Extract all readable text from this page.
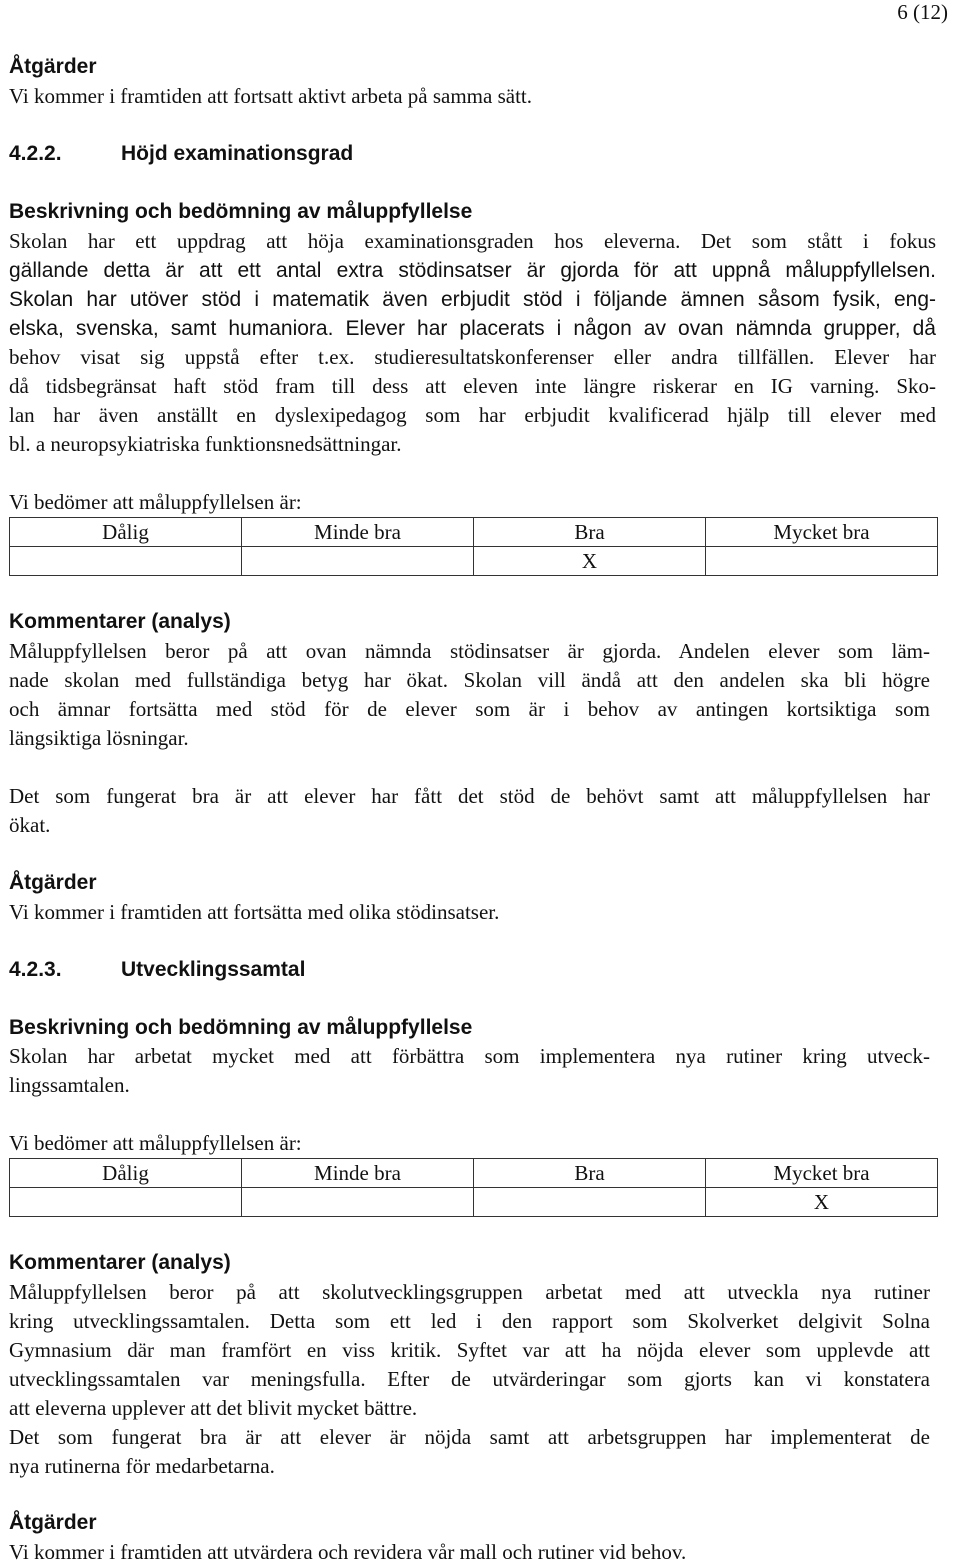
6 (12)
Åtgärder
Vi kommer i framtiden att fortsatt aktivt arbeta på samma sätt.
4.2.2.	Höjd examinationsgrad
Beskrivning och bedömning av måluppfyllelse
Skolan har ett uppdrag att höja examinationsgraden hos eleverna. Det som stått i fokus
gällande detta är att ett antal extra stödinsatser är gjorda för att uppnå måluppfyllelsen.
Skolan har utöver stöd i matematik även erbjudit stöd i följande ämnen såsom fysik, eng-
elska, svenska, samt humaniora. Elever har placerats i någon av ovan nämnda grupper, då
behov visat sig uppstå efter t.ex. studieresultatskonferenser eller andra tillfällen. Elever har
då tidsbegränsat haft stöd fram till dess att eleven inte längre riskerar en IG varning. Sko-
lan har även anställt en dyslexipedagog som har erbjudit kvalificerad hjälp till elever med
bl. a neuropsykiatriska funktionsnedsättningar.
Vi bedömer att måluppfyllelsen är:
Dålig	Minde bra	Bra	Mycket bra
		X	
Kommentarer (analys)
Måluppfyllelsen beror på att ovan nämnda stödinsatser är gjorda. Andelen elever som läm-
nade skolan med fullständiga betyg har ökat. Skolan vill ändå att den andelen ska bli högre
och ämnar fortsätta med stöd för de elever som är i behov av antingen kortsiktiga som
längsiktiga lösningar.
Det som fungerat bra är att elever har fått det stöd de behövt samt att måluppfyllelsen har
ökat.
Åtgärder
Vi kommer i framtiden att fortsätta med olika stödinsatser.
4.2.3.	Utvecklingssamtal
Beskrivning och bedömning av måluppfyllelse
Skolan har arbetat mycket med att förbättra som implementera nya rutiner kring utveck-
lingssamtalen.
Vi bedömer att måluppfyllelsen är:
Dålig	Minde bra	Bra	Mycket bra
			X
Kommentarer (analys)
Måluppfyllelsen beror på att skolutvecklingsgruppen arbetat med att utveckla nya rutiner
kring utvecklingssamtalen. Detta som ett led i den rapport som Skolverket delgivit Solna
Gymnasium där man framfört en viss kritik. Syftet var att ha nöjda elever som upplevde att
utvecklingssamtalen var meningsfulla. Efter de utvärderingar som gjorts kan vi konstatera
att eleverna upplever att det blivit mycket bättre.
Det som fungerat bra är att elever är nöjda samt att arbetsgruppen har implementerat de
nya rutinerna för medarbetarna.
Åtgärder
Vi kommer i framtiden att utvärdera och revidera vår mall och rutiner vid behov.
